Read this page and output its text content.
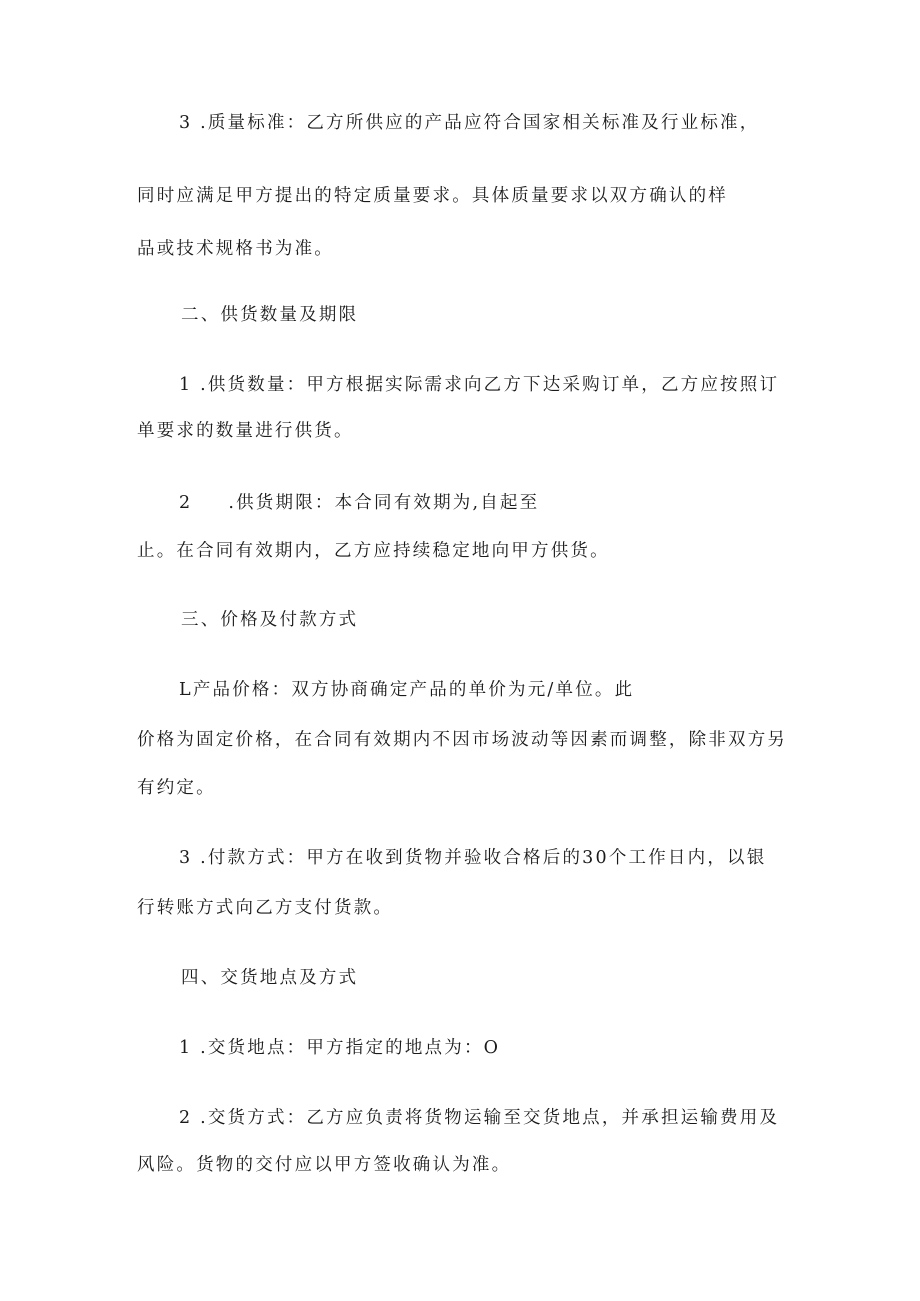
3 .质量标准：乙方所供应的产品应符合国家相关标准及行业标准，
同时应满足甲方提出的特定质量要求。具体质量要求以双方确认的样
品或技术规格书为准。
二、供货数量及期限
1 .供货数量：甲方根据实际需求向乙方下达采购订单，乙方应按照订
单要求的数量进行供货。
2 .供货期限：本合同有效期为,自起至
止。在合同有效期内，乙方应持续稳定地向甲方供货。
三、价格及付款方式
L产品价格：双方协商确定产品的单价为元/单位。此
价格为固定价格，在合同有效期内不因市场波动等因素而调整，除非双方另
有约定。
3 .付款方式：甲方在收到货物并验收合格后的30个工作日内，以银
行转账方式向乙方支付货款。
四、交货地点及方式
1 .交货地点：甲方指定的地点为：O
2 .交货方式：乙方应负责将货物运输至交货地点，并承担运输费用及
风险。货物的交付应以甲方签收确认为准。
